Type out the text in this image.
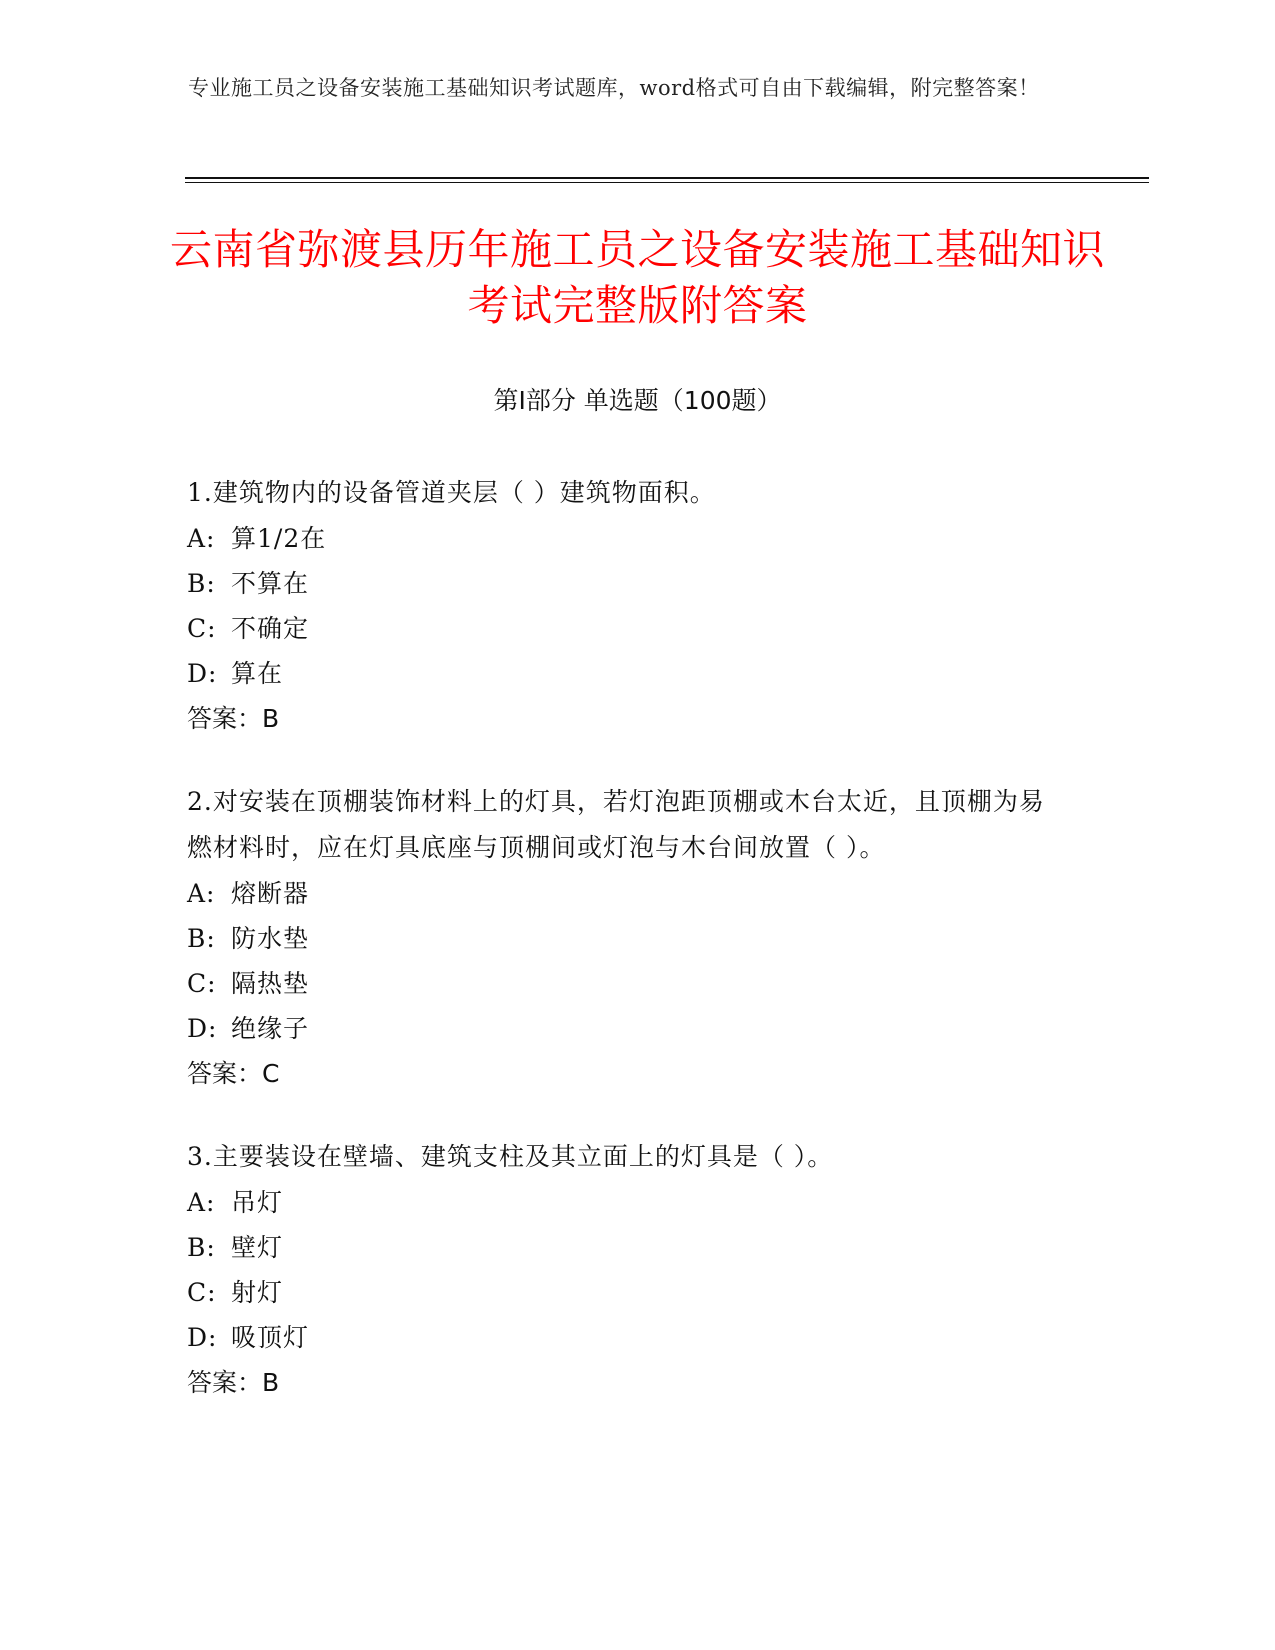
专业施工员之设备安装施工基础知识考试题库，word格式可自由下载编辑，附完整答案！
云南省弥渡县历年施工员之设备安装施工基础知识考试完整版附答案
第Ⅰ部分 单选题（100题）

1.建筑物内的设备管道夹层（ ）建筑物面积。

A: 算1/2在

B: 不算在

C: 不确定

D: 算在

答案：B

2.对安装在顶棚装饰材料上的灯具，若灯泡距顶棚或木台太近，且顶棚为易燃材料时，应在灯具底座与顶棚间或灯泡与木台间放置（ ）。

A: 熔断器

B: 防水垫

C: 隔热垫

D: 绝缘子

答案：C

3.主要装设在壁墙、建筑支柱及其立面上的灯具是（ ）。

A: 吊灯

B: 壁灯

C: 射灯

D: 吸顶灯

答案：B
